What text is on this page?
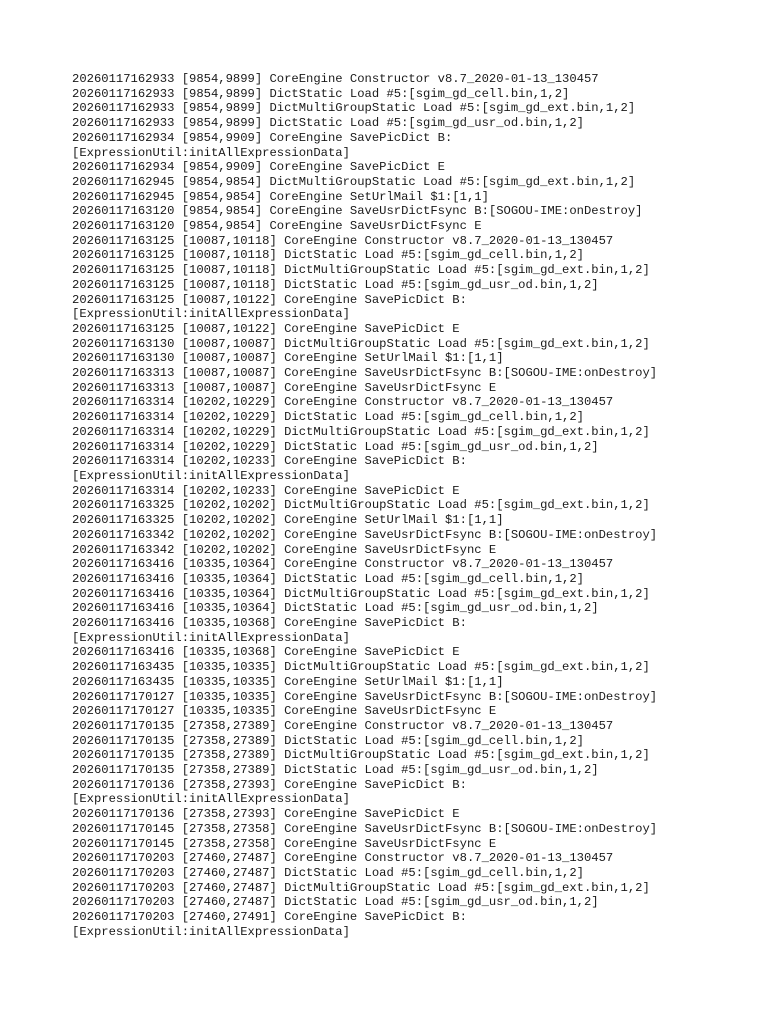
20260117162933 [9854,9899] CoreEngine Constructor v8.7_2020-01-13_130457
20260117162933 [9854,9899] DictStatic Load #5:[sgim_gd_cell.bin,1,2]
20260117162933 [9854,9899] DictMultiGroupStatic Load #5:[sgim_gd_ext.bin,1,2]
20260117162933 [9854,9899] DictStatic Load #5:[sgim_gd_usr_od.bin,1,2]
20260117162934 [9854,9909] CoreEngine SavePicDict B:
[ExpressionUtil:initAllExpressionData]
20260117162934 [9854,9909] CoreEngine SavePicDict E
20260117162945 [9854,9854] DictMultiGroupStatic Load #5:[sgim_gd_ext.bin,1,2]
20260117162945 [9854,9854] CoreEngine SetUrlMail $1:[1,1]
20260117163120 [9854,9854] CoreEngine SaveUsrDictFsync B:[SOGOU-IME:onDestroy]
20260117163120 [9854,9854] CoreEngine SaveUsrDictFsync E
20260117163125 [10087,10118] CoreEngine Constructor v8.7_2020-01-13_130457
20260117163125 [10087,10118] DictStatic Load #5:[sgim_gd_cell.bin,1,2]
20260117163125 [10087,10118] DictMultiGroupStatic Load #5:[sgim_gd_ext.bin,1,2]
20260117163125 [10087,10118] DictStatic Load #5:[sgim_gd_usr_od.bin,1,2]
20260117163125 [10087,10122] CoreEngine SavePicDict B:
[ExpressionUtil:initAllExpressionData]
20260117163125 [10087,10122] CoreEngine SavePicDict E
20260117163130 [10087,10087] DictMultiGroupStatic Load #5:[sgim_gd_ext.bin,1,2]
20260117163130 [10087,10087] CoreEngine SetUrlMail $1:[1,1]
20260117163313 [10087,10087] CoreEngine SaveUsrDictFsync B:[SOGOU-IME:onDestroy]
20260117163313 [10087,10087] CoreEngine SaveUsrDictFsync E
20260117163314 [10202,10229] CoreEngine Constructor v8.7_2020-01-13_130457
20260117163314 [10202,10229] DictStatic Load #5:[sgim_gd_cell.bin,1,2]
20260117163314 [10202,10229] DictMultiGroupStatic Load #5:[sgim_gd_ext.bin,1,2]
20260117163314 [10202,10229] DictStatic Load #5:[sgim_gd_usr_od.bin,1,2]
20260117163314 [10202,10233] CoreEngine SavePicDict B:
[ExpressionUtil:initAllExpressionData]
20260117163314 [10202,10233] CoreEngine SavePicDict E
20260117163325 [10202,10202] DictMultiGroupStatic Load #5:[sgim_gd_ext.bin,1,2]
20260117163325 [10202,10202] CoreEngine SetUrlMail $1:[1,1]
20260117163342 [10202,10202] CoreEngine SaveUsrDictFsync B:[SOGOU-IME:onDestroy]
20260117163342 [10202,10202] CoreEngine SaveUsrDictFsync E
20260117163416 [10335,10364] CoreEngine Constructor v8.7_2020-01-13_130457
20260117163416 [10335,10364] DictStatic Load #5:[sgim_gd_cell.bin,1,2]
20260117163416 [10335,10364] DictMultiGroupStatic Load #5:[sgim_gd_ext.bin,1,2]
20260117163416 [10335,10364] DictStatic Load #5:[sgim_gd_usr_od.bin,1,2]
20260117163416 [10335,10368] CoreEngine SavePicDict B:
[ExpressionUtil:initAllExpressionData]
20260117163416 [10335,10368] CoreEngine SavePicDict E
20260117163435 [10335,10335] DictMultiGroupStatic Load #5:[sgim_gd_ext.bin,1,2]
20260117163435 [10335,10335] CoreEngine SetUrlMail $1:[1,1]
20260117170127 [10335,10335] CoreEngine SaveUsrDictFsync B:[SOGOU-IME:onDestroy]
20260117170127 [10335,10335] CoreEngine SaveUsrDictFsync E
20260117170135 [27358,27389] CoreEngine Constructor v8.7_2020-01-13_130457
20260117170135 [27358,27389] DictStatic Load #5:[sgim_gd_cell.bin,1,2]
20260117170135 [27358,27389] DictMultiGroupStatic Load #5:[sgim_gd_ext.bin,1,2]
20260117170135 [27358,27389] DictStatic Load #5:[sgim_gd_usr_od.bin,1,2]
20260117170136 [27358,27393] CoreEngine SavePicDict B:
[ExpressionUtil:initAllExpressionData]
20260117170136 [27358,27393] CoreEngine SavePicDict E
20260117170145 [27358,27358] CoreEngine SaveUsrDictFsync B:[SOGOU-IME:onDestroy]
20260117170145 [27358,27358] CoreEngine SaveUsrDictFsync E
20260117170203 [27460,27487] CoreEngine Constructor v8.7_2020-01-13_130457
20260117170203 [27460,27487] DictStatic Load #5:[sgim_gd_cell.bin,1,2]
20260117170203 [27460,27487] DictMultiGroupStatic Load #5:[sgim_gd_ext.bin,1,2]
20260117170203 [27460,27487] DictStatic Load #5:[sgim_gd_usr_od.bin,1,2]
20260117170203 [27460,27491] CoreEngine SavePicDict B:
[ExpressionUtil:initAllExpressionData]
